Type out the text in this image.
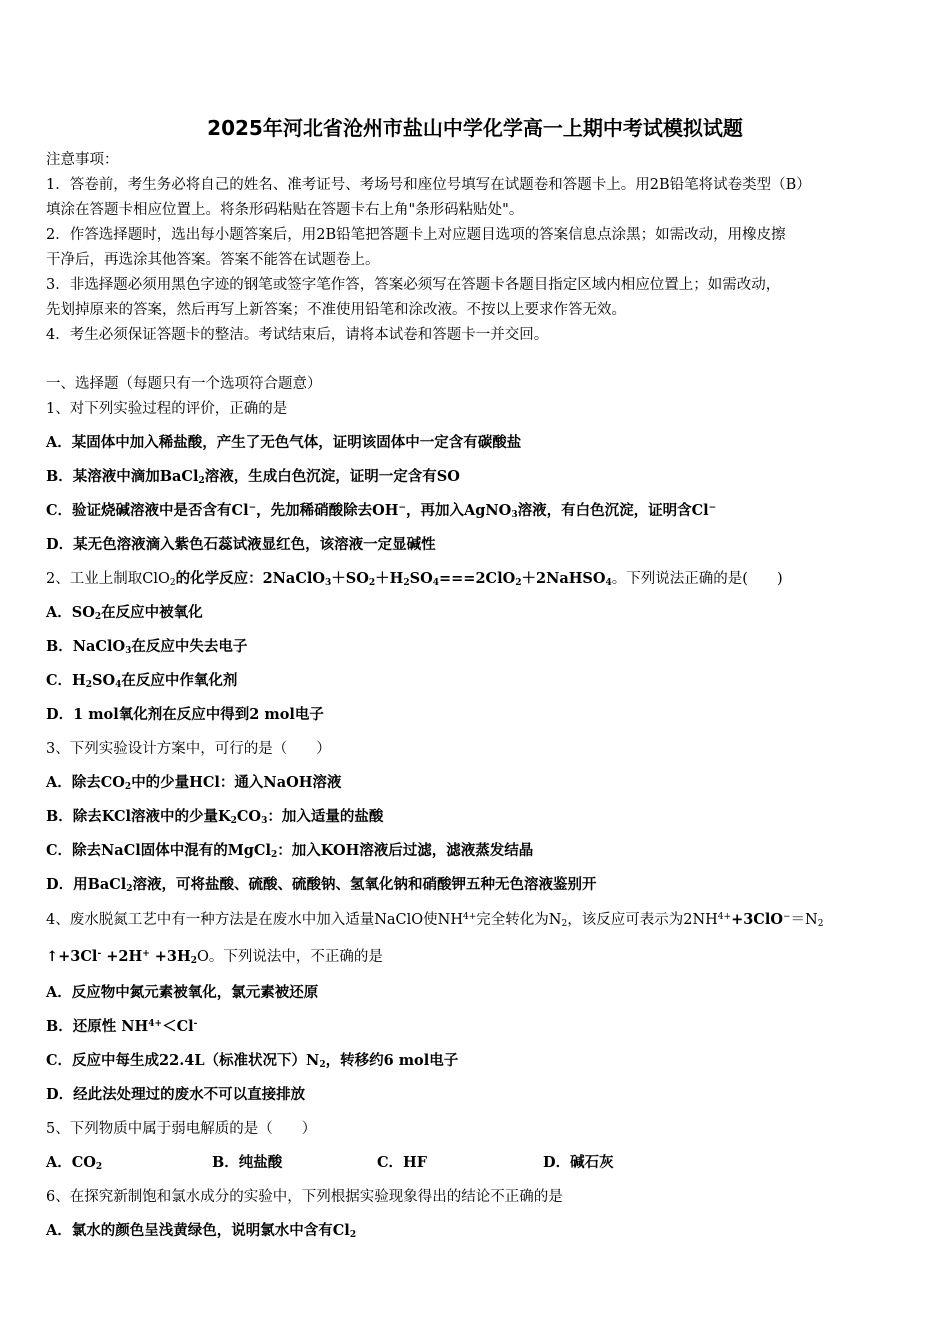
2025年河北省沧州市盐山中学化学高一上期中考试模拟试题
注意事项：
1．答卷前，考生务必将自己的姓名、准考证号、考场号和座位号填写在试题卷和答题卡上。用2B铅笔将试卷类型（B）
填涂在答题卡相应位置上。将条形码粘贴在答题卡右上角"条形码粘贴处"。
2．作答选择题时，选出每小题答案后，用2B铅笔把答题卡上对应题目选项的答案信息点涂黑；如需改动，用橡皮擦
干净后，再选涂其他答案。答案不能答在试题卷上。
3．非选择题必须用黑色字迹的钢笔或签字笔作答，答案必须写在答题卡各题目指定区域内相应位置上；如需改动，
先划掉原来的答案，然后再写上新答案；不准使用铅笔和涂改液。不按以上要求作答无效。
4．考生必须保证答题卡的整洁。考试结束后，请将本试卷和答题卡一并交回。
一、选择题（每题只有一个选项符合题意）
1、对下列实验过程的评价，正确的是
A．某固体中加入稀盐酸，产生了无色气体，证明该固体中一定含有碳酸盐
B．某溶液中滴加BaCl$_2$溶液，生成白色沉淀，证明一定含有SO
C．验证烧碱溶液中是否含有Cl−，先加稀硝酸除去OH−，再加入AgNO$_3$溶液，有白色沉淀，证明含Cl−
D．某无色溶液滴入紫色石蕊试液显红色，该溶液一定显碱性
2、工业上制取ClO$_2$的化学反应：$2NaClO_3+SO_2+H_2SO_4===2ClO_2+2NaHSO_4$。下列说法正确的是(　　)
A．$SO_2$在反应中被氧化
B．NaClO$_3$在反应中失去电子
C．$H_2SO_4$在反应中作氧化剂
D．1 mol氧化剂在反应中得到2 mol电子
3、下列实验设计方案中，可行的是（　　）
A．除去$CO_2$中的少量HCl：通入NaOH溶液
B．除去KCl溶液中的少量$K_2CO_3$：加入适量的盐酸
C．除去NaCl固体中混有的MgCl$_2$：加入KOH溶液后过滤，滤液蒸发结晶
D．用BaCl$_2$溶液，可将盐酸、硫酸、硫酸钠、氢氧化钠和硝酸钾五种无色溶液鉴别开
4、废水脱氮工艺中有一种方法是在废水中加入适量NaClO使$NH^{4+}$完全转化为$N_2$，该反应可表示为$2NH^{4+}+3ClO^-=N_2$
↑+3Cl- $+2H^+ +3H_2O$。下列说法中，不正确的是
A．反应物中氮元素被氧化，氯元素被还原
B．还原性 $NH^{4+}<Cl^-$
C．反应中每生成22.4L（标准状况下）$N_2$，转移约6 mol电子
D．经此法处理过的废水不可以直接排放
5、下列物质中属于弱电解质的是（　　）
A．$CO_2$	B．纯盐酸	C．HF	D．碱石灰
6、在探究新制饱和氯水成分的实验中，下列根据实验现象得出的结论不正确的是
A．氯水的颜色呈浅黄绿色，说明氯水中含有$Cl_2$
